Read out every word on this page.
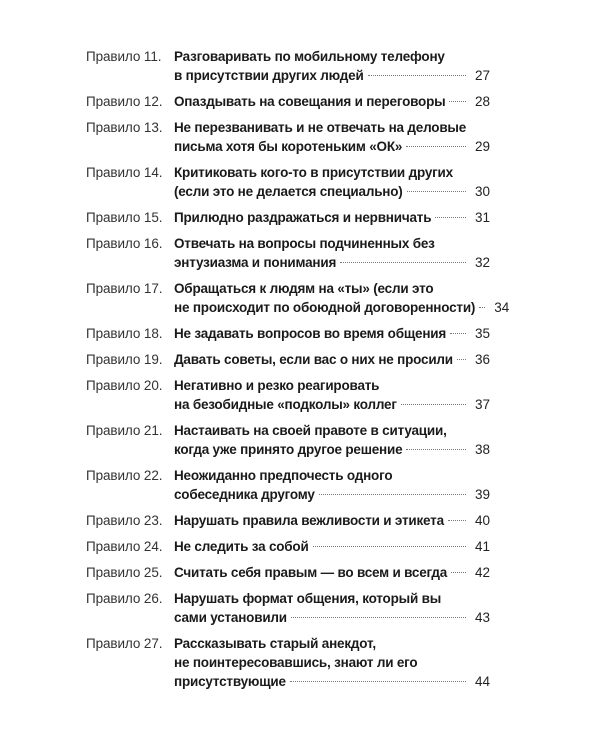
Правило 11. Разговаривать по мобильному телефону
в присутствии других людей	27
Правило 12. Опаздывать на совещания и переговоры	28
Правило 13. Не перезванивать и не отвечать на деловые
письма хотя бы коротеньким «ОК»	29
Правило 14. Критиковать кого-то в присутствии других
(если это не делается специально)	30
Правило 15. Прилюдно раздражаться и нервничать	31
Правило 16. Отвечать на вопросы подчиненных без
энтузиазма и понимания	32
Правило 17. Обращаться к людям на «ты» (если это
не происходит по обоюдной договоренности)	34
Правило 18. Не задавать вопросов во время общения	35
Правило 19. Давать советы, если вас о них не просили	36
Правило 20. Негативно и резко реагировать
на безобидные «подколы» коллег	37
Правило 21. Настаивать на своей правоте в ситуации,
когда уже принято другое решение	38
Правило 22. Неожиданно предпочесть одного
собеседника другому	39
Правило 23. Нарушать правила вежливости и этикета	40
Правило 24. Не следить за собой	41
Правило 25. Считать себя правым — во всем и всегда	42
Правило 26. Нарушать формат общения, который вы
сами установили	43
Правило 27. Рассказывать старый анекдот,
не поинтересовавшись, знают ли его
присутствующие	44
